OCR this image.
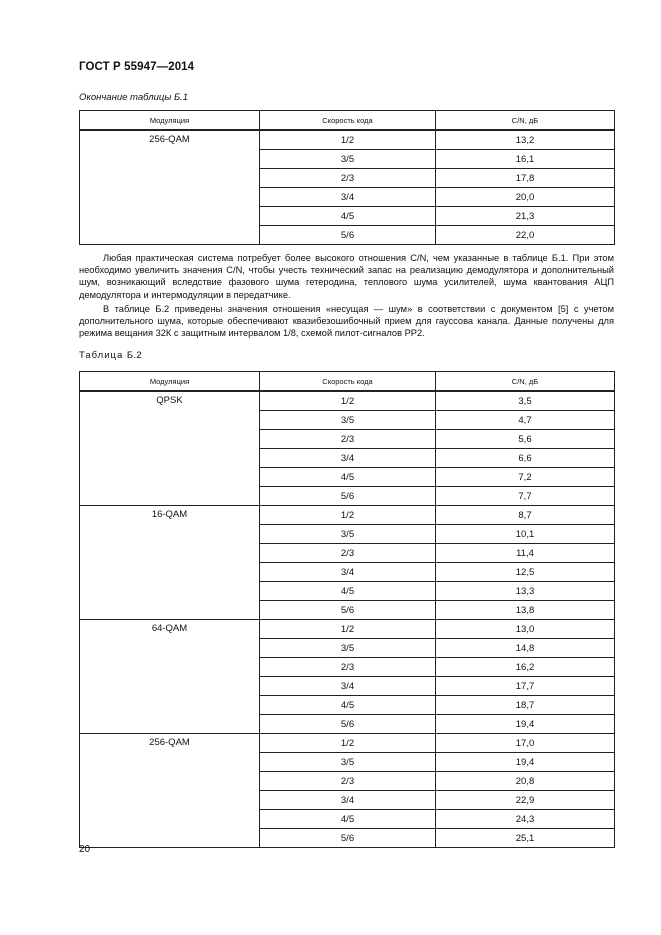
ГОСТ Р 55947—2014
Окончание таблицы Б.1
Модуляция	Скорость кода	C/N, дБ
256-QAM	1/2	13,2
	3/5	16,1
	2/3	17,8
	3/4	20,0
	4/5	21,3
	5/6	22,0

Любая практическая система потребует более высокого отношения C/N, чем указанные в таблице Б.1. При этом необходимо увеличить значения C/N, чтобы учесть технический запас на реализацию демодулятора и дополнительный шум, возникающий вследствие фазового шума гетеродина, теплового шума усилителей, шума квантования АЦП демодулятора и интермодуляции в передатчике.

В таблице Б.2 приведены значения отношения «несущая — шум» в соответствии с документом [5] с учетом дополнительного шума, которые обеспечивают квазибезошибочный прием для гауссова канала. Данные получены для режима вещания 32К с защитным интервалом 1/8, схемой пилот-сигналов PP2.

Таблица Б.2
Модуляция	Скорость кода	C/N, дБ
QPSK	1/2	3,5
	3/5	4,7
	2/3	5,6
	3/4	6,6
	4/5	7,2
	5/6	7,7
16-QAM	1/2	8,7
	3/5	10,1
	2/3	11,4
	3/4	12,5
	4/5	13,3
	5/6	13,8
64-QAM	1/2	13,0
	3/5	14,8
	2/3	16,2
	3/4	17,7
	4/5	18,7
	5/6	19,4
256-QAM	1/2	17,0
	3/5	19,4
	2/3	20,8
	3/4	22,9
	4/5	24,3
	5/6	25,1
20
